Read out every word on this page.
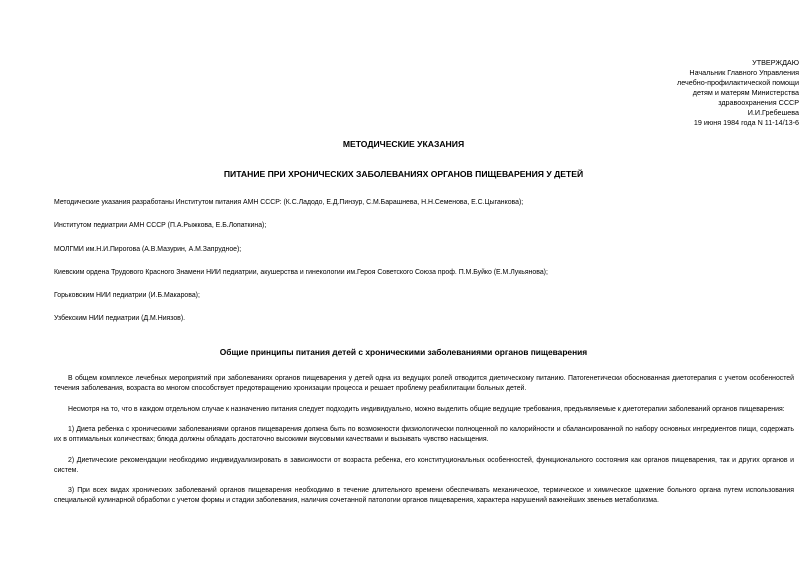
УТВЕРЖДАЮ
Начальник Главного Управления
лечебно-профилактической помощи
детям и матерям Министерства
здравоохранения СССР
И.И.Гребешева
19 июня 1984 года N 11-14/13-6
МЕТОДИЧЕСКИЕ УКАЗАНИЯ
ПИТАНИЕ ПРИ ХРОНИЧЕСКИХ ЗАБОЛЕВАНИЯХ ОРГАНОВ ПИЩЕВАРЕНИЯ У ДЕТЕЙ

Методические указания разработаны Институтом питания АМН СССР: (К.С.Ладодо, Е.Д.Пинзур, С.М.Барашнева, Н.Н.Семенова, Е.С.Цыганкова);

Институтом педиатрии АМН СССР (П.А.Рыжкова, Е.Б.Лопаткина);

МОЛГМИ им.Н.И.Пирогова (А.В.Мазурин, А.М.Запрудное);

Киевским ордена Трудового Красного Знамени НИИ педиатрии, акушерства и гинекологии им.Героя Советского Союза проф. П.М.Буйко (Е.М.Лукьянова);

Горьковским НИИ педиатрии (И.Б.Макарова);

Узбекским НИИ педиатрии (Д.М.Ниязов).

Общие принципы питания детей с хроническими заболеваниями органов пищеварения

В общем комплексе лечебных мероприятий при заболеваниях органов пищеварения у детей одна из ведущих ролей отводится диетическому питанию. Патогенетически обоснованная диетотерапия с учетом особенностей течения заболевания, возраста во многом способствует предотвращению хронизации процесса и решает проблему реабилитации больных детей.

Несмотря на то, что в каждом отдельном случае к назначению питания следует подходить индивидуально, можно выделить общие ведущие требования, предъявляемые к диетотерапии заболеваний органов пищеварения:

1) Диета ребенка с хроническими заболеваниями органов пищеварения должна быть по возможности физиологически полноценной по калорийности и сбалансированной по набору основных ингредиентов пищи, содержать их в оптимальных количествах; блюда должны обладать достаточно высокими вкусовыми качествами и вызывать чувство насыщения.

2) Диетические рекомендации необходимо индивидуализировать в зависимости от возраста ребенка, его конституциональных особенностей, функционального состояния как органов пищеварения, так и других органов и систем.

3) При всех видах хронических заболеваний органов пищеварения необходимо в течение длительного времени обеспечивать механическое, термическое и химическое щажение больного органа путем использования специальной кулинарной обработки с учетом формы и стадии заболевания, наличия сочетанной патологии органов пищеварения, характера нарушений важнейших звеньев метаболизма.
